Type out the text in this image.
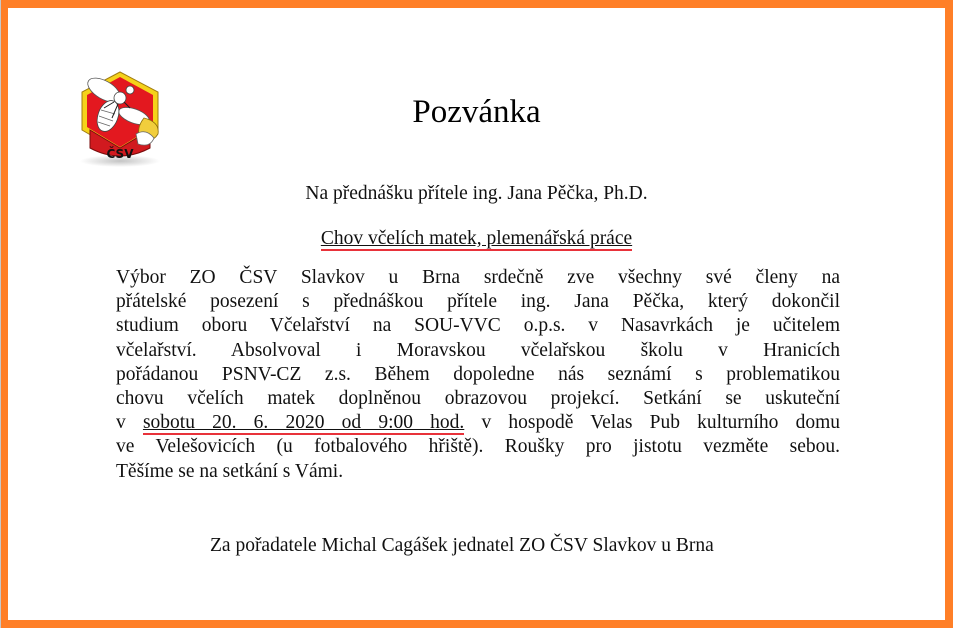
ČSV
Pozvánka
Na přednášku přítele ing. Jana Pěčka, Ph.D.
Chov včelích matek, plemenářská práce
Výbor ZO ČSV Slavkov u Brna srdečně zve všechny své členy na
přátelské posezení s přednáškou přítele ing. Jana Pěčka, který dokončil
studium oboru Včelařství na SOU-VVC o.p.s. v Nasavrkách je učitelem
včelařství. Absolvoval i Moravskou včelařskou školu v Hranicích
pořádanou PSNV-CZ z.s. Během dopoledne nás seznámí s problematikou
chovu včelích matek doplněnou obrazovou projekcí. Setkání se uskuteční
v sobotu 20. 6. 2020 od 9:00 hod. v hospodě Velas Pub kulturního domu
ve Velešovicích (u fotbalového hřiště). Roušky pro jistotu vezměte sebou.
Těšíme se na setkání s Vámi.
Za pořadatele Michal Cagášek jednatel ZO ČSV Slavkov u Brna
